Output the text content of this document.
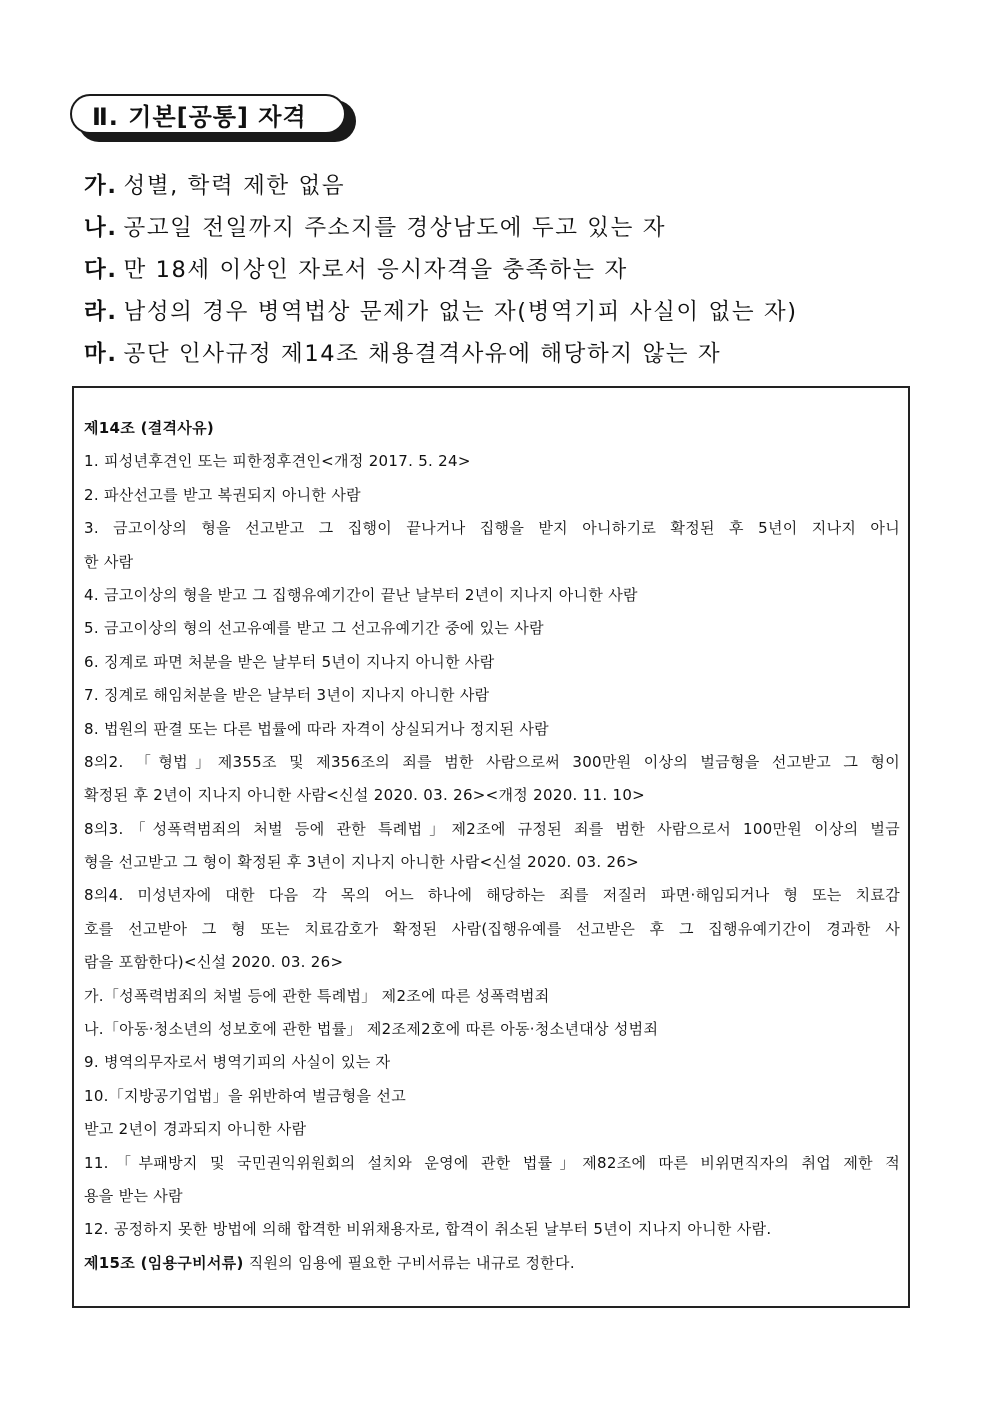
Ⅱ. 기본[공통] 자격
가. 성별, 학력 제한 없음
나. 공고일 전일까지 주소지를 경상남도에 두고 있는 자
다. 만 18세 이상인 자로서 응시자격을 충족하는 자
라. 남성의 경우 병역법상 문제가 없는 자(병역기피 사실이 없는 자)
마. 공단 인사규정 제14조 채용결격사유에 해당하지 않는 자
제14조 (결격사유)
1. 피성년후견인 또는 피한정후견인<개정 2017. 5. 24>
2. 파산선고를 받고 복권되지 아니한 사람
3. 금고이상의 형을 선고받고 그 집행이 끝나거나 집행을 받지 아니하기로 확정된 후 5년이 지나지 아니
한 사람
4. 금고이상의 형을 받고 그 집행유예기간이 끝난 날부터 2년이 지나지 아니한 사람
5. 금고이상의 형의 선고유예를 받고 그 선고유예기간 중에 있는 사람
6. 징계로 파면 처분을 받은 날부터 5년이 지나지 아니한 사람
7. 징계로 해임처분을 받은 날부터 3년이 지나지 아니한 사람
8. 법원의 판결 또는 다른 법률에 따라 자격이 상실되거나 정지된 사람
8의2. 「형법」제355조 및 제356조의 죄를 범한 사람으로써 300만원 이상의 벌금형을 선고받고 그 형이
확정된 후 2년이 지나지 아니한 사람<신설 2020. 03. 26><개정 2020. 11. 10>
8의3.「성폭력범죄의 처벌 등에 관한 특례법」제2조에 규정된 죄를 범한 사람으로서 100만원 이상의 벌금
형을 선고받고 그 형이 확정된 후 3년이 지나지 아니한 사람<신설 2020. 03. 26>
8의4. 미성년자에 대한 다음 각 목의 어느 하나에 해당하는 죄를 저질러 파면·해임되거나 형 또는 치료감
호를 선고받아 그 형 또는 치료감호가 확정된 사람(집행유예를 선고받은 후 그 집행유예기간이 경과한 사
람을 포함한다)<신설 2020. 03. 26>
가.「성폭력범죄의 처벌 등에 관한 특례법」 제2조에 따른 성폭력범죄
나.「아동·청소년의 성보호에 관한 법률」 제2조제2호에 따른 아동·청소년대상 성범죄
9. 병역의무자로서 병역기피의 사실이 있는 자
10.「지방공기업법」을 위반하여 벌금형을 선고
받고 2년이 경과되지 아니한 사람
11.「부패방지 및 국민권익위원회의 설치와 운영에 관한 법률」제82조에 따른 비위면직자의 취업 제한 적
용을 받는 사람
12. 공정하지 못한 방법에 의해 합격한 비위채용자로, 합격이 취소된 날부터 5년이 지나지 아니한 사람.
제15조 (임용구비서류) 직원의 임용에 필요한 구비서류는 내규로 정한다.
